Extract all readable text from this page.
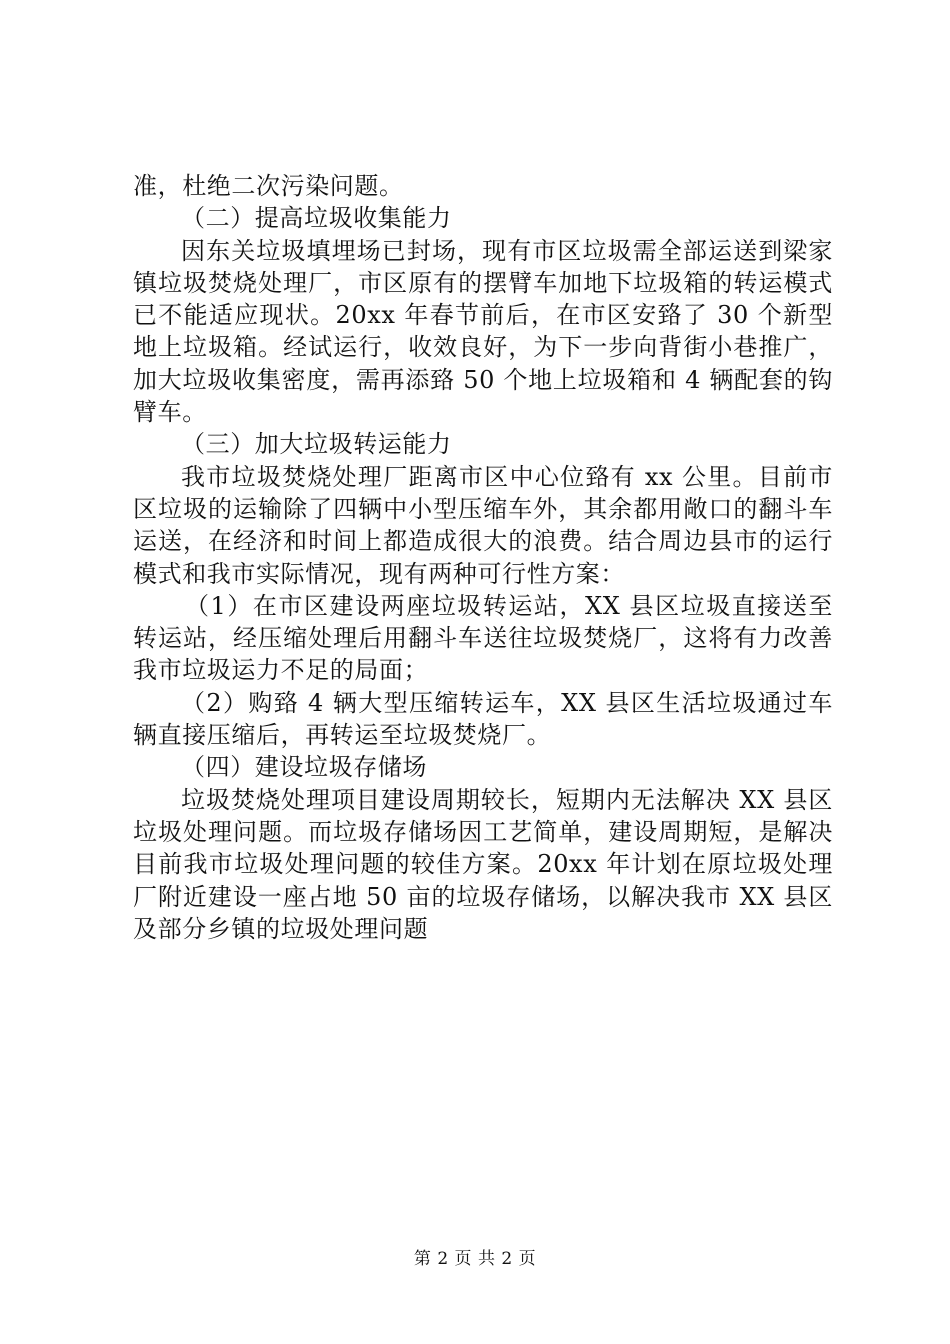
准，杜绝二次污染问题。

（二）提高垃圾收集能力

因东关垃圾填埋场已封场，现有市区垃圾需全部运送到梁家镇垃圾焚烧处理厂，市区原有的摆臂车加地下垃圾箱的转运模式已不能适应现状。20xx 年春节前后，在市区安臵了 30 个新型地上垃圾箱。经试运行，收效良好，为下一步向背街小巷推广，加大垃圾收集密度，需再添臵 50 个地上垃圾箱和 4 辆配套的钩臂车。

（三）加大垃圾转运能力

我市垃圾焚烧处理厂距离市区中心位臵有 xx 公里。目前市区垃圾的运输除了四辆中小型压缩车外，其余都用敞口的翻斗车运送，在经济和时间上都造成很大的浪费。结合周边县市的运行模式和我市实际情况，现有两种可行性方案：

（1）在市区建设两座垃圾转运站，XX 县区垃圾直接送至转运站，经压缩处理后用翻斗车送往垃圾焚烧厂，这将有力改善我市垃圾运力不足的局面；

（2）购臵 4 辆大型压缩转运车，XX 县区生活垃圾通过车辆直接压缩后，再转运至垃圾焚烧厂。

（四）建设垃圾存储场

垃圾焚烧处理项目建设周期较长，短期内无法解决 XX 县区垃圾处理问题。而垃圾存储场因工艺简单，建设周期短，是解决目前我市垃圾处理问题的较佳方案。20xx 年计划在原垃圾处理厂附近建设一座占地 50 亩的垃圾存储场，以解决我市 XX 县区及部分乡镇的垃圾处理问题

第 2 页 共 2 页
